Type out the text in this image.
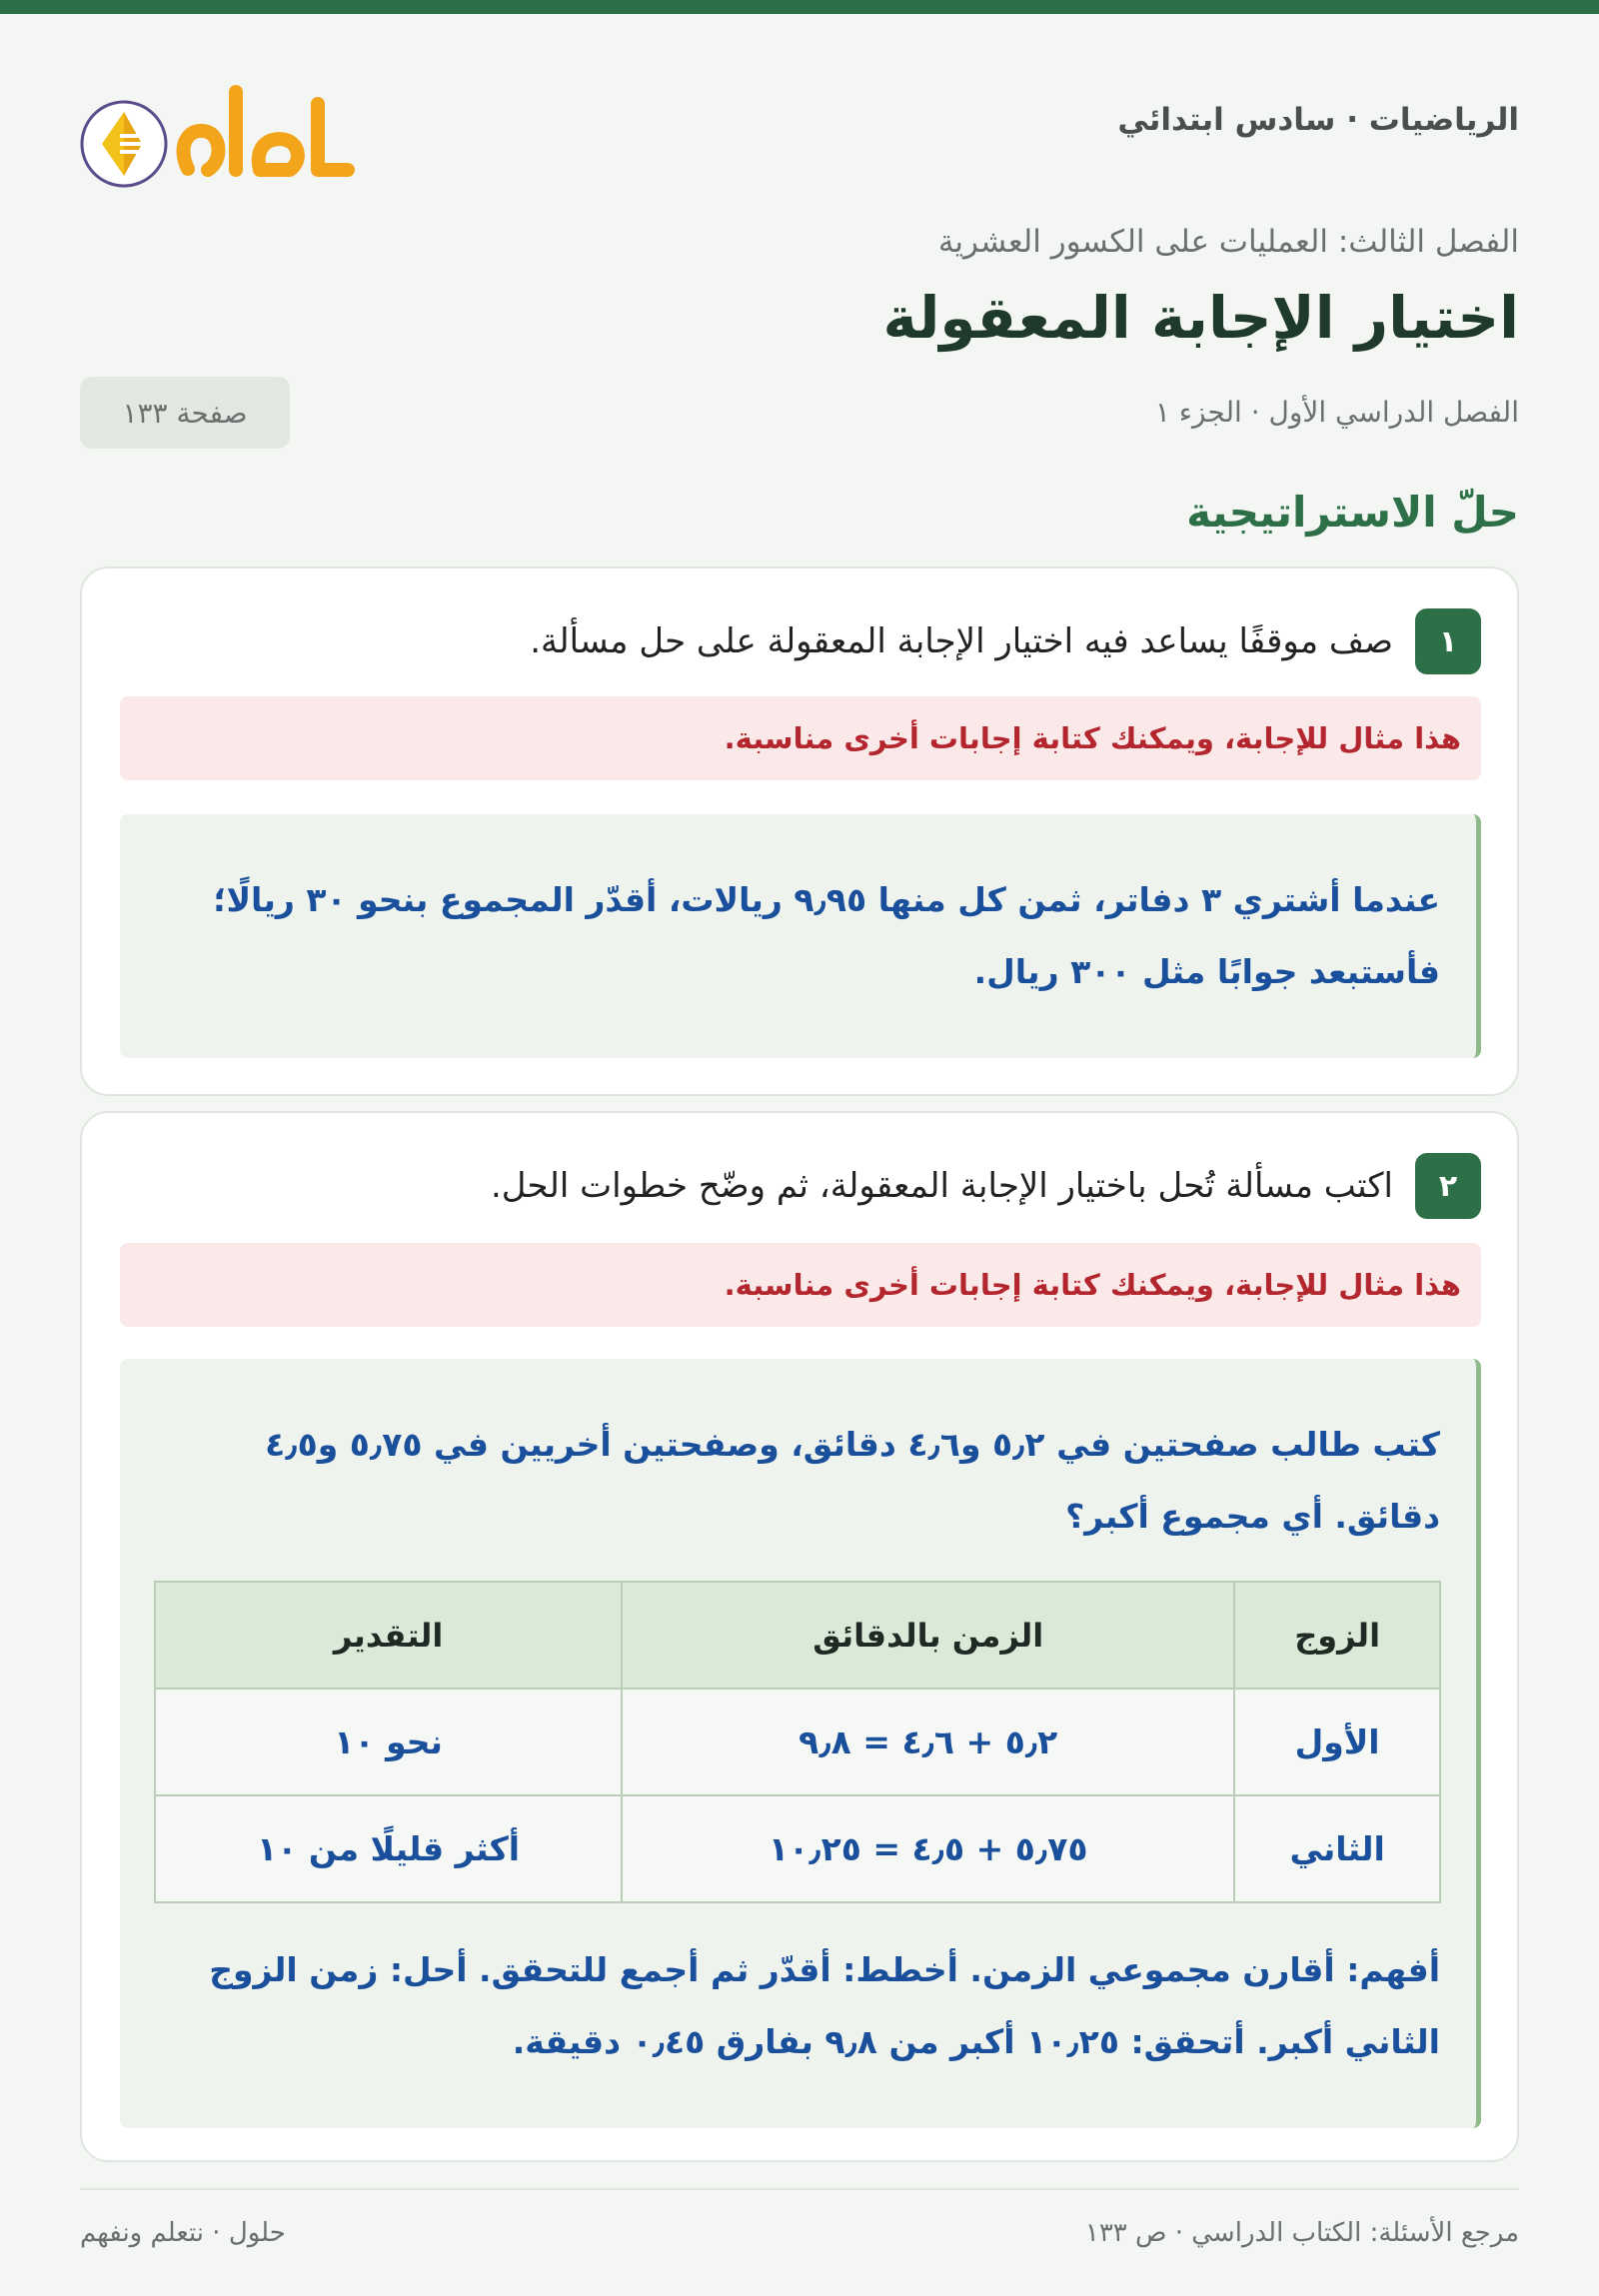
الرياضيات · سادس ابتدائي
الفصل الثالث: العمليات على الكسور العشرية
اختيار الإجابة المعقولة
الفصل الدراسي الأول · الجزء ١
صفحة ١٣٣
حلّ الاستراتيجية
١
صف موقفًا يساعد فيه اختيار الإجابة المعقولة على حل مسألة.
هذا مثال للإجابة، ويمكنك كتابة إجابات أخرى مناسبة.
عندما أشتري ٣ دفاتر، ثمن كل منها ٩٫٩٥ ريالات، أقدّر المجموع بنحو ٣٠ ريالًا؛ فأستبعد جوابًا مثل ٣٠٠ ريال.
٢
اكتب مسألة تُحل باختيار الإجابة المعقولة، ثم وضّح خطوات الحل.
هذا مثال للإجابة، ويمكنك كتابة إجابات أخرى مناسبة.
كتب طالب صفحتين في ٥٫٢ و٤٫٦ دقائق، وصفحتين أخريين في ٥٫٧٥ و٤٫٥ دقائق. أي مجموع أكبر؟
الزوج	الزمن بالدقائق	التقدير
الأول	٥٫٢ + ٤٫٦ = ٩٫٨	نحو ١٠
الثاني	٥٫٧٥ + ٤٫٥ = ١٠٫٢٥	أكثر قليلًا من ١٠
أفهم: أقارن مجموعي الزمن. أخطط: أقدّر ثم أجمع للتحقق. أحل: زمن الزوج الثاني أكبر. أتحقق: ١٠٫٢٥ أكبر من ٩٫٨ بفارق ٠٫٤٥ دقيقة.
مرجع الأسئلة: الكتاب الدراسي · ص ١٣٣
حلول · نتعلم ونفهم
